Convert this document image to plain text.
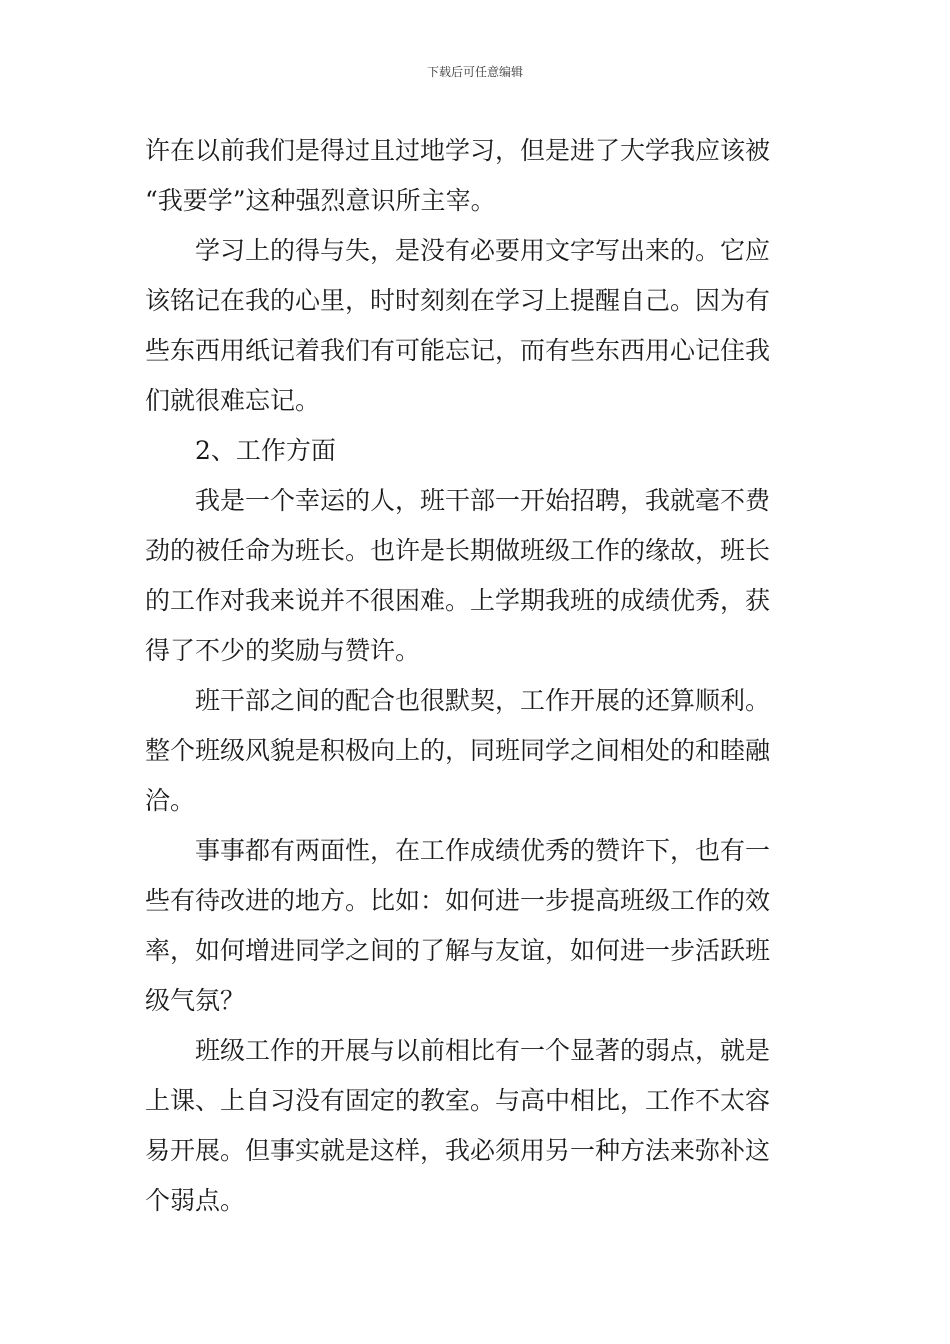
下载后可任意编辑
许在以前我们是得过且过地学习，但是进了大学我应该被
“我要学”这种强烈意识所主宰。
学习上的得与失，是没有必要用文字写出来的。它应
该铭记在我的心里，时时刻刻在学习上提醒自己。因为有
些东西用纸记着我们有可能忘记，而有些东西用心记住我
们就很难忘记。
2、工作方面
我是一个幸运的人，班干部一开始招聘，我就毫不费
劲的被任命为班长。也许是长期做班级工作的缘故，班长
的工作对我来说并不很困难。上学期我班的成绩优秀，获
得了不少的奖励与赞许。
班干部之间的配合也很默契，工作开展的还算顺利。
整个班级风貌是积极向上的，同班同学之间相处的和睦融
洽。
事事都有两面性，在工作成绩优秀的赞许下，也有一
些有待改进的地方。比如：如何进一步提高班级工作的效
率，如何增进同学之间的了解与友谊，如何进一步活跃班
级气氛？
班级工作的开展与以前相比有一个显著的弱点，就是
上课、上自习没有固定的教室。与高中相比，工作不太容
易开展。但事实就是这样，我必须用另一种方法来弥补这
个弱点。
